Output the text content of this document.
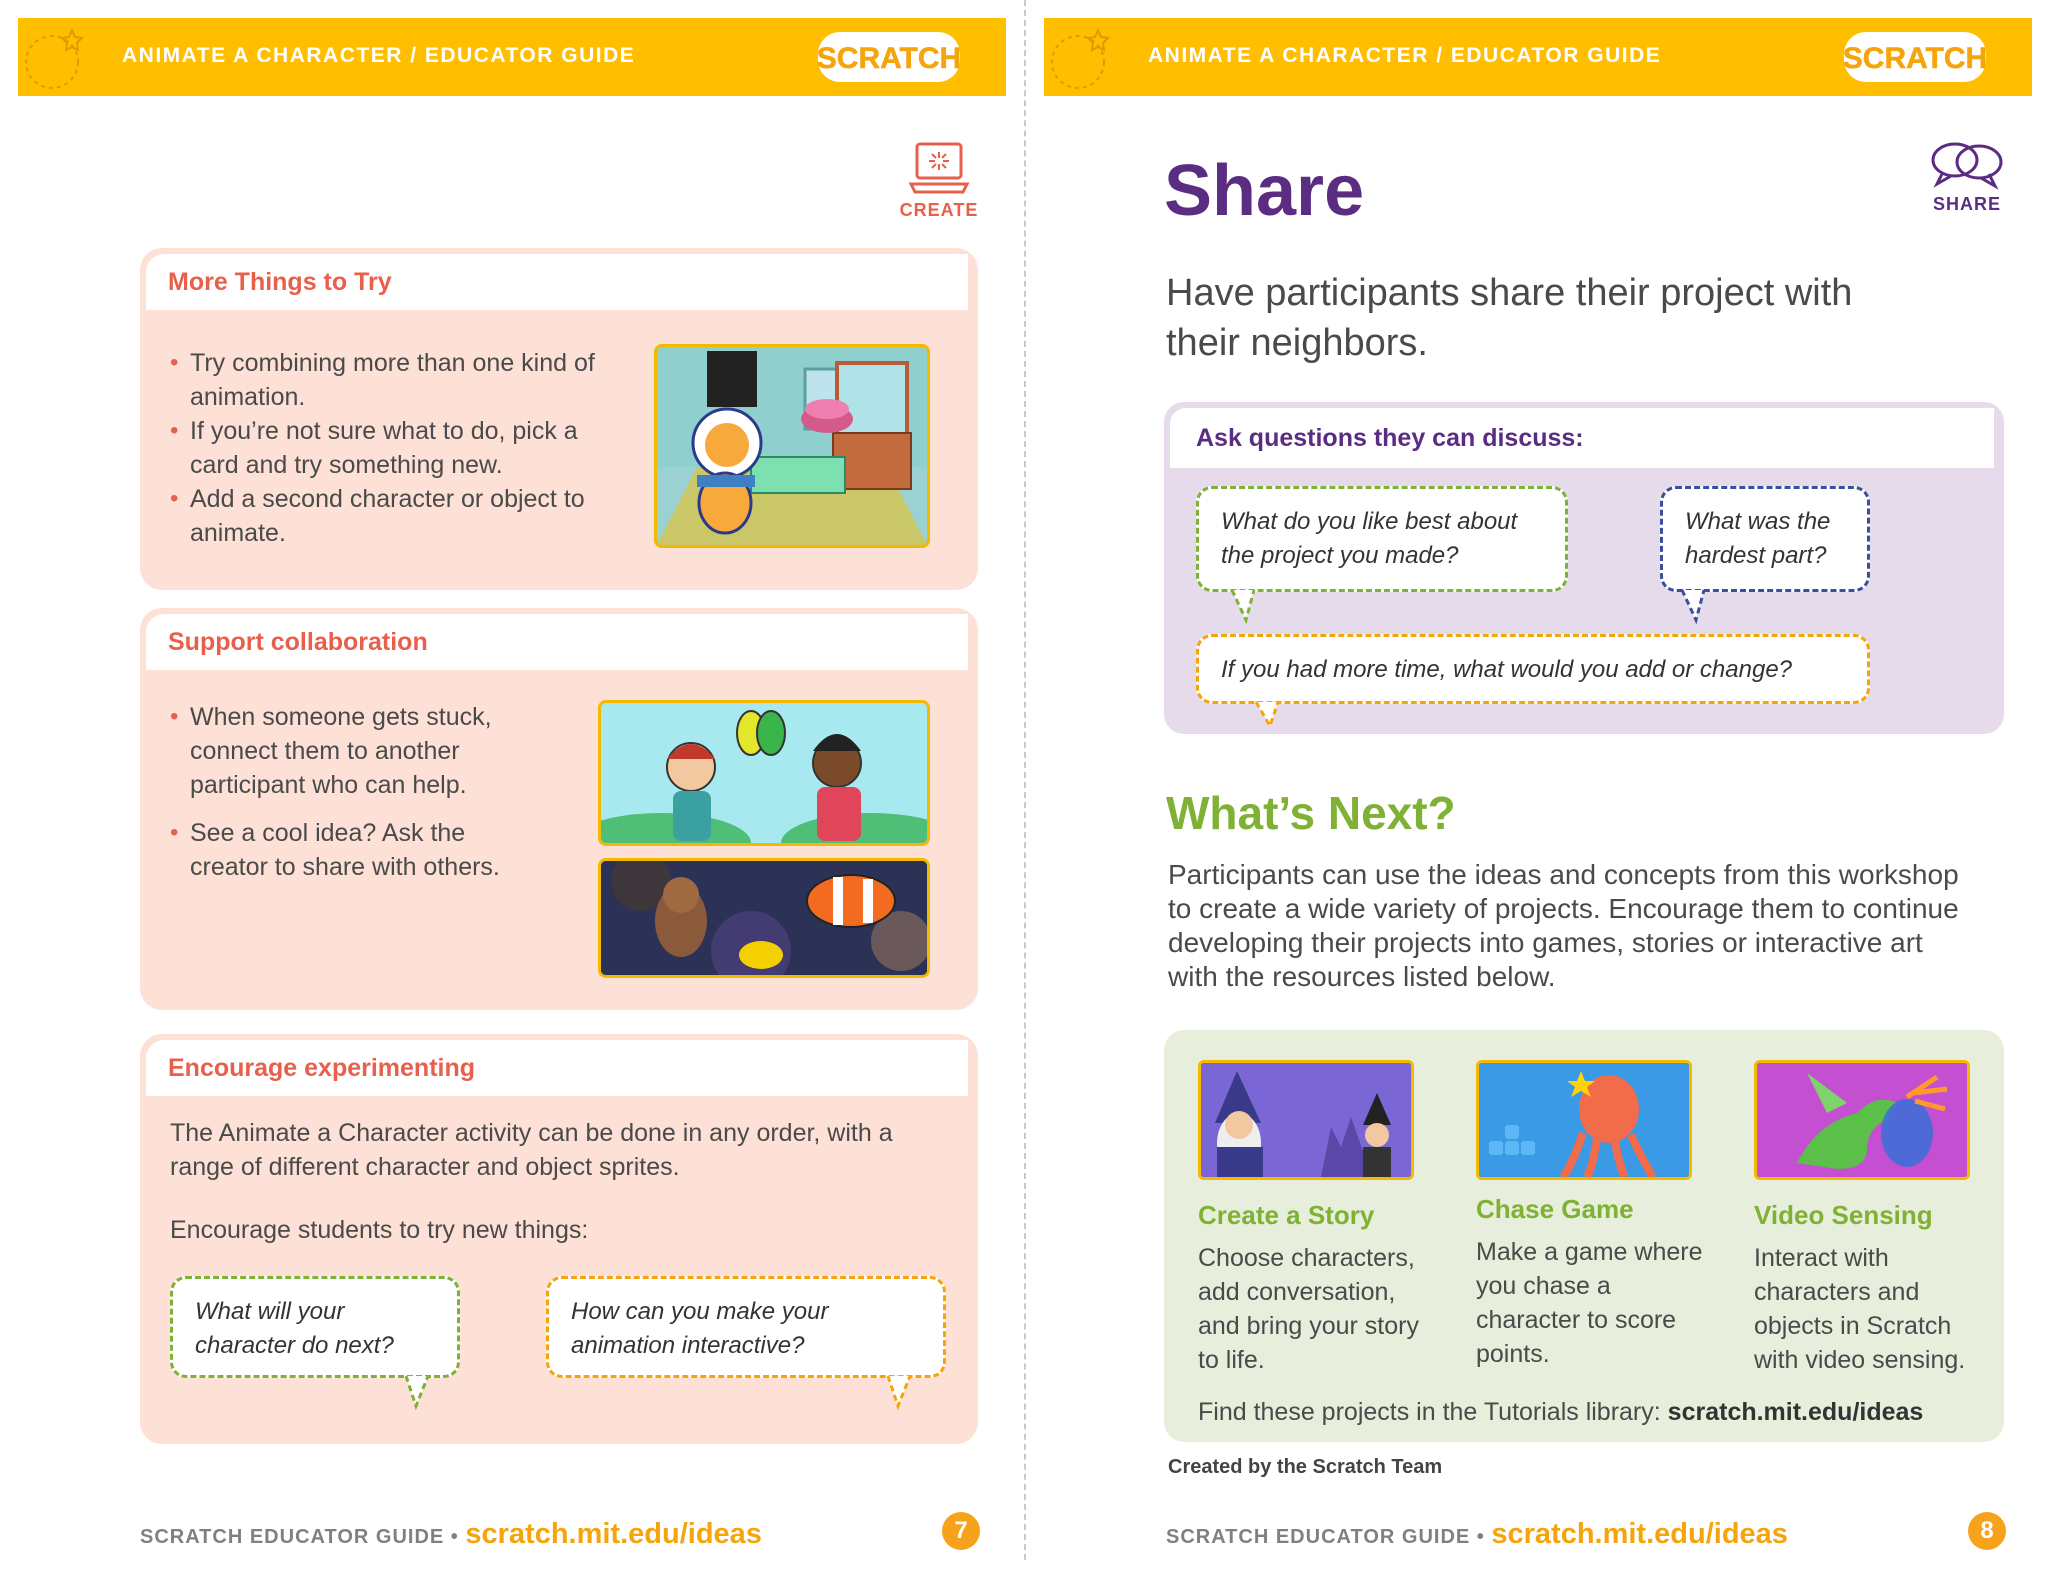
ANIMATE A CHARACTER / EDUCATOR GUIDE	SCRATCH
CREATE
More Things to Try
• Try combining more than one kind of animation.
• If you’re not sure what to do, pick a card and try something new.
• Add a second character or object to animate.
Support collaboration
• When someone gets stuck, connect them to another participant who can help.
• See a cool idea? Ask the creator to share with others.
Encourage experimenting
The Animate a Character activity can be done in any order, with a range of different character and object sprites.
Encourage students to try new things:
What will your character do next?
How can you make your animation interactive?
SCRATCH EDUCATOR GUIDE • scratch.mit.edu/ideas	7
ANIMATE A CHARACTER / EDUCATOR GUIDE	SCRATCH
SHARE
Share
Have participants share their project with their neighbors.
Ask questions they can discuss:
What do you like best about the project you made?
What was the hardest part?
If you had more time, what would you add or change?
What’s Next?
Participants can use the ideas and concepts from this workshop to create a wide variety of projects. Encourage them to continue developing their projects into games, stories or interactive art with the resources listed below.
Create a Story
Choose characters, add conversation, and bring your story to life.
Chase Game
Make a game where you chase a character to score points.
Video Sensing
Interact with characters and objects in Scratch with video sensing.
Find these projects in the Tutorials library: scratch.mit.edu/ideas
Created by the Scratch Team
SCRATCH EDUCATOR GUIDE • scratch.mit.edu/ideas	8
